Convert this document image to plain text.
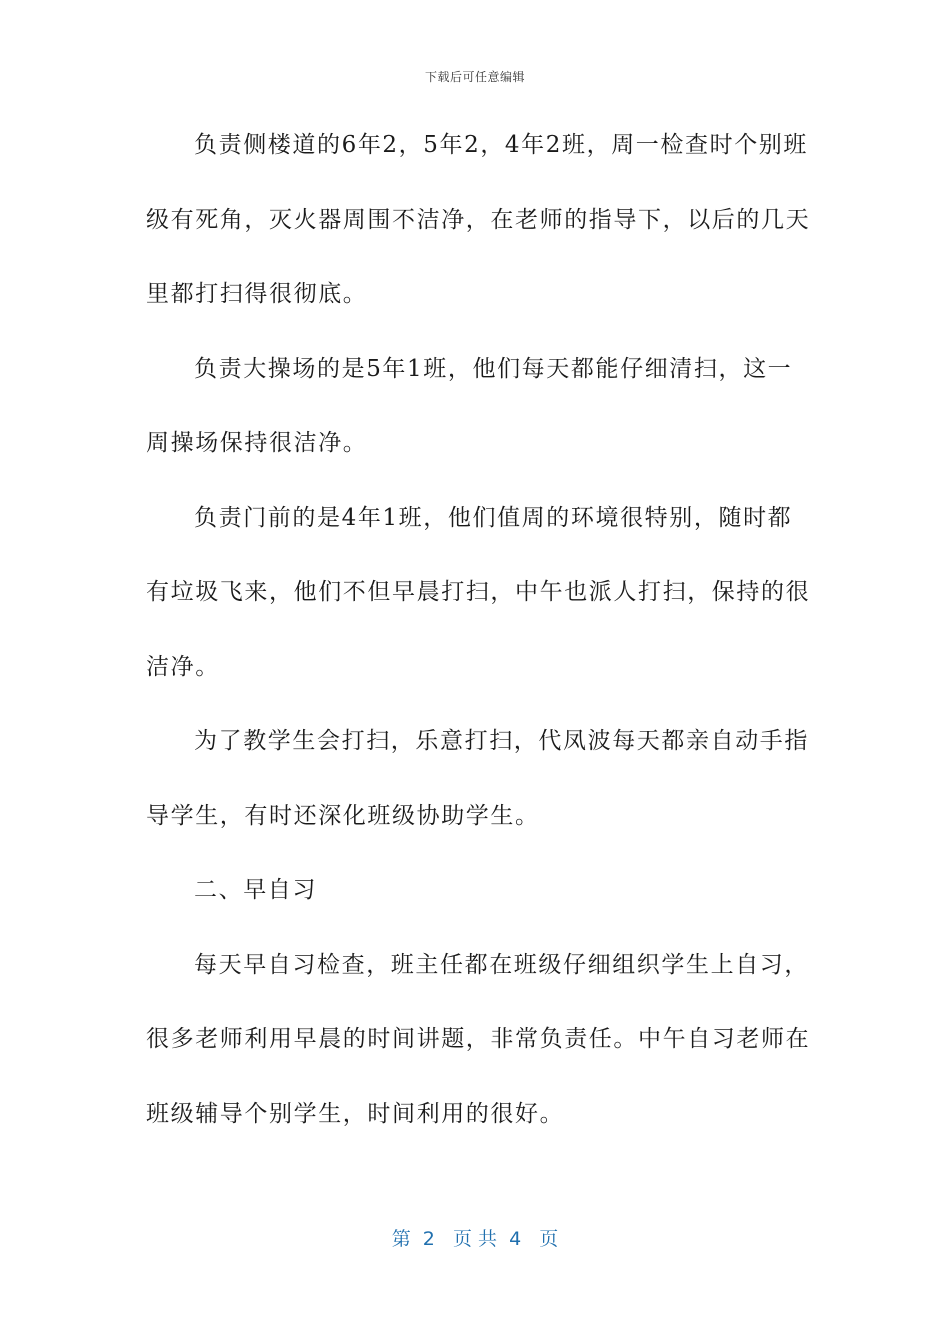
下载后可任意编辑
负责侧楼道的6年2，5年2，4年2班，周一检查时个别班
级有死角，灭火器周围不洁净，在老师的指导下，以后的几天
里都打扫得很彻底。
负责大操场的是5年1班，他们每天都能仔细清扫，这一
周操场保持很洁净。
负责门前的是4年1班，他们值周的环境很特别，随时都
有垃圾飞来，他们不但早晨打扫，中午也派人打扫，保持的很
洁净。
为了教学生会打扫，乐意打扫，代凤波每天都亲自动手指
导学生，有时还深化班级协助学生。
二、早自习
每天早自习检查，班主任都在班级仔细组织学生上自习，
很多老师利用早晨的时间讲题，非常负责任。中午自习老师在
班级辅导个别学生，时间利用的很好。
第  2   页 共  4   页
